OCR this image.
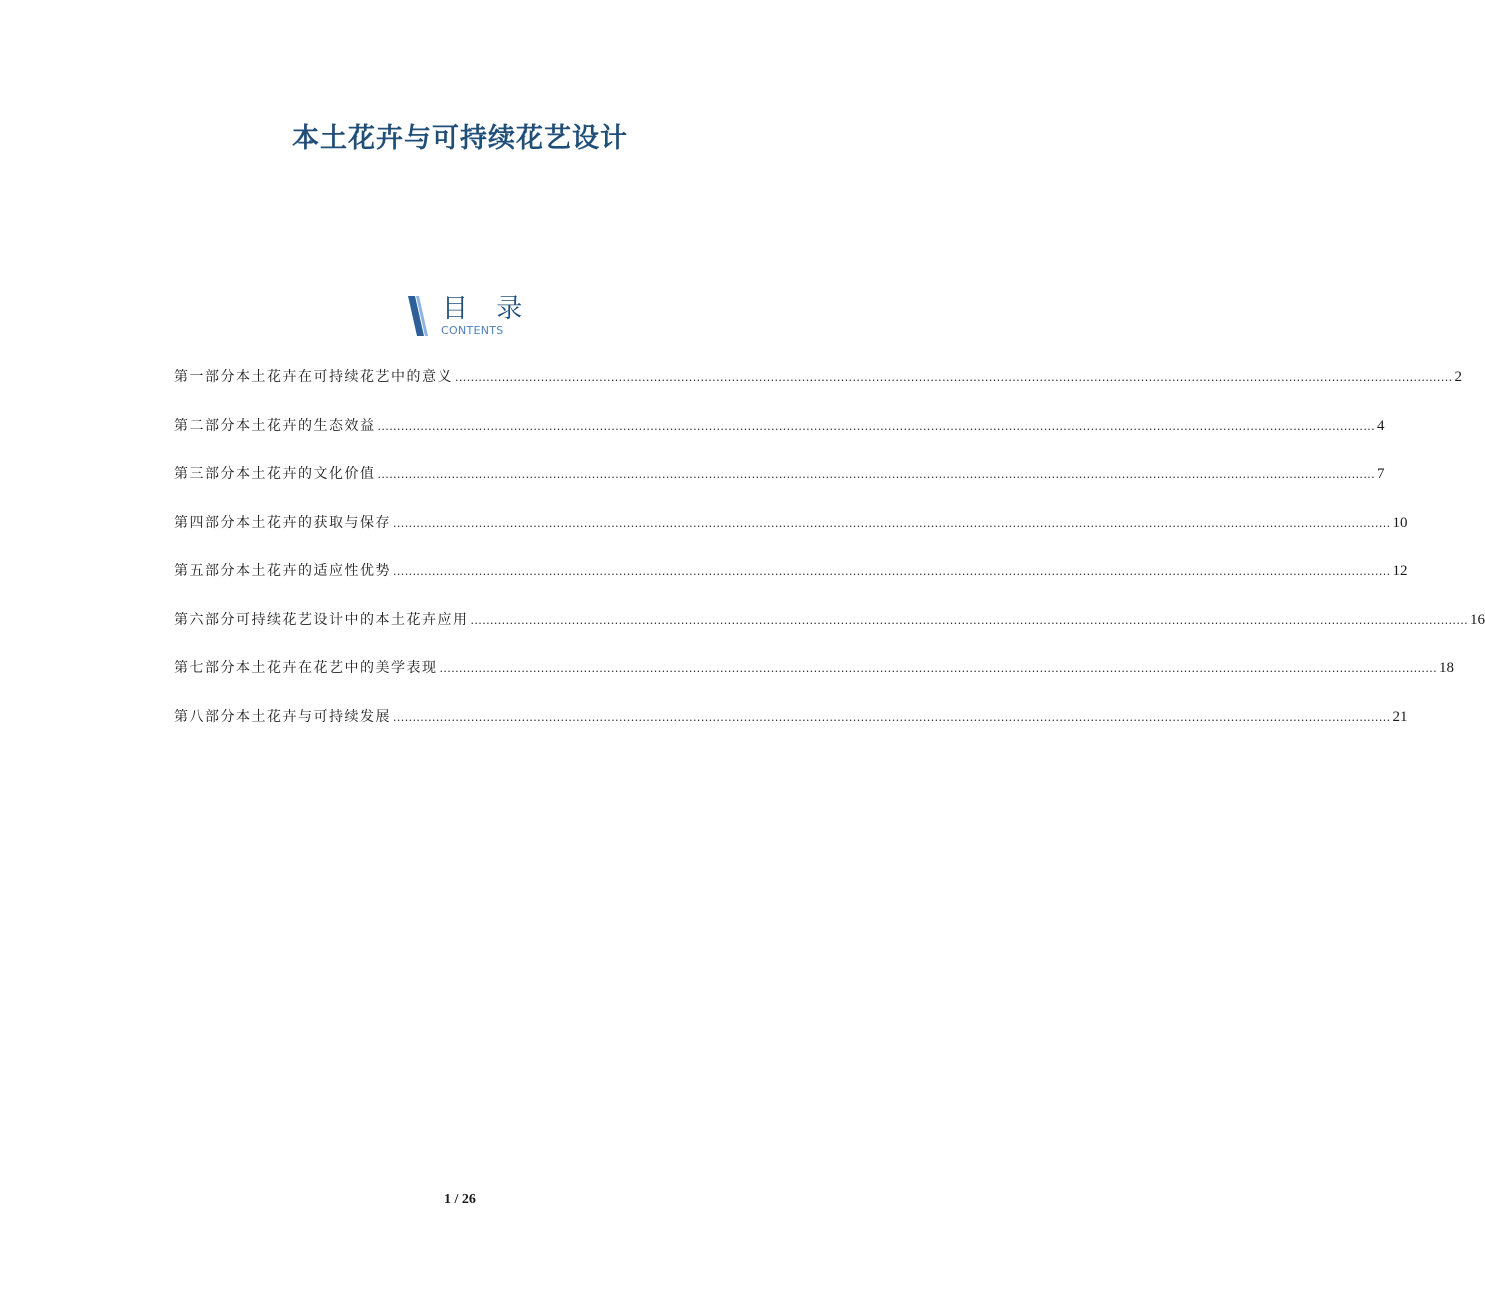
本土花卉与可持续花艺设计
目 录
CONTENTS
第一部分 本土花卉在可持续花艺中的意义 ................................................................................................................................................................................................................................................................ 2
第二部分 本土花卉的生态效益 ................................................................................................................................................................................................................................................................ 4
第三部分 本土花卉的文化价值 ................................................................................................................................................................................................................................................................ 7
第四部分 本土花卉的获取与保存 ................................................................................................................................................................................................................................................................ 10
第五部分 本土花卉的适应性优势 ................................................................................................................................................................................................................................................................ 12
第六部分 可持续花艺设计中的本土花卉应用 ................................................................................................................................................................................................................................................................ 16
第七部分 本土花卉在花艺中的美学表现 ................................................................................................................................................................................................................................................................ 18
第八部分 本土花卉与可持续发展 ................................................................................................................................................................................................................................................................ 21
1 / 26
